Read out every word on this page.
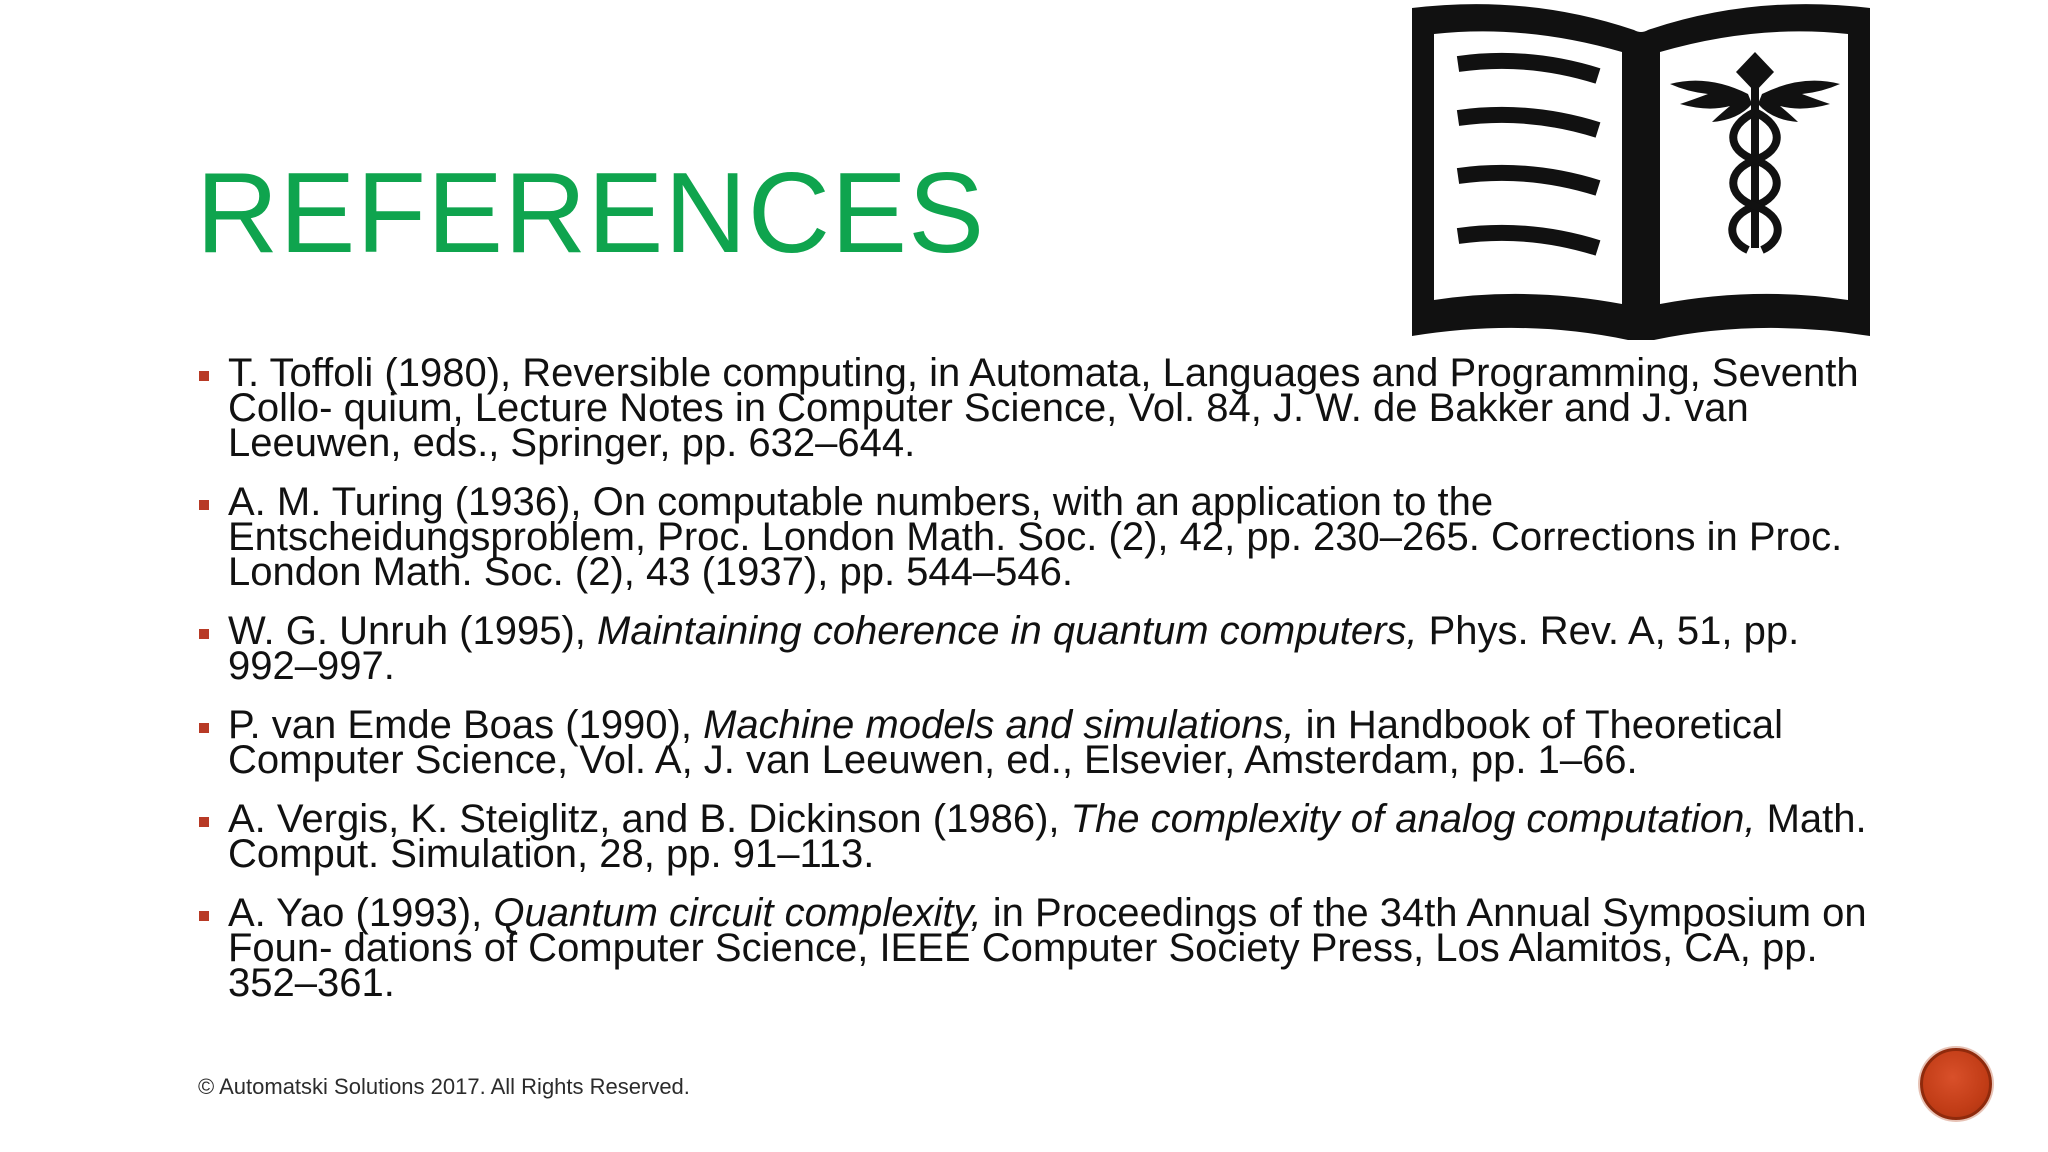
REFERENCES
T. Toffoli (1980), Reversible computing, in Automata, Languages and Programming, Seventh Collo- quium, Lecture Notes in Computer Science, Vol. 84, J. W. de Bakker and J. van Leeuwen, eds., Springer, pp. 632–644.
A. M. Turing (1936), On computable numbers, with an application to the Entscheidungsproblem, Proc. London Math. Soc. (2), 42, pp. 230–265. Corrections in Proc. London Math. Soc. (2), 43 (1937), pp. 544–546.
W. G. Unruh (1995), Maintaining coherence in quantum computers, Phys. Rev. A, 51, pp. 992–997.
P. van Emde Boas (1990), Machine models and simulations, in Handbook of Theoretical Computer Science, Vol. A, J. van Leeuwen, ed., Elsevier, Amsterdam, pp. 1–66.
A. Vergis, K. Steiglitz, and B. Dickinson (1986), The complexity of analog computation, Math. Comput. Simulation, 28, pp. 91–113.
A. Yao (1993), Quantum circuit complexity, in Proceedings of the 34th Annual Symposium on Foun- dations of Computer Science, IEEE Computer Society Press, Los Alamitos, CA, pp. 352–361.
© Automatski Solutions 2017. All Rights Reserved.
